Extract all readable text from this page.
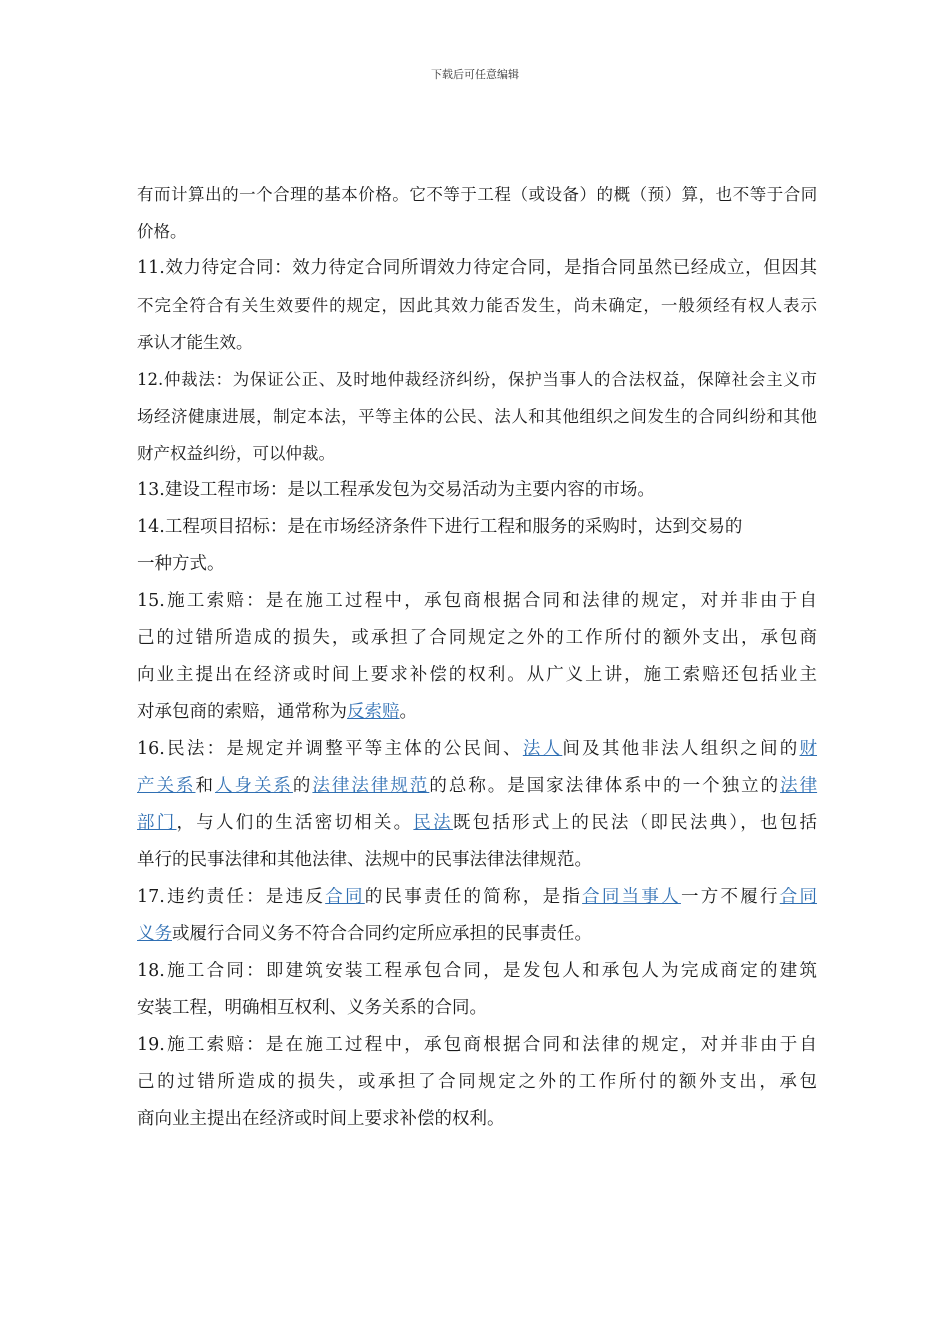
下载后可任意编辑
有而计算出的一个合理的基本价格。它不等于工程（或设备）的概（预）算，也不等于合同
价格。
11.效力待定合同：效力待定合同所谓效力待定合同，是指合同虽然已经成立，但因其
不完全符合有关生效要件的规定，因此其效力能否发生，尚未确定，一般须经有权人表示
承认才能生效。
12.仲裁法：为保证公正、及时地仲裁经济纠纷，保护当事人的合法权益，保障社会主义市
场经济健康进展，制定本法，平等主体的公民、法人和其他组织之间发生的合同纠纷和其他
财产权益纠纷，可以仲裁。
13.建设工程市场：是以工程承发包为交易活动为主要内容的市场。
14.工程项目招标：是在市场经济条件下进行工程和服务的采购时，达到交易的
一种方式。
15.施工索赔：是在施工过程中，承包商根据合同和法律的规定，对并非由于自
己的过错所造成的损失，或承担了合同规定之外的工作所付的额外支出，承包商
向业主提出在经济或时间上要求补偿的权利。从广义上讲，施工索赔还包括业主
对承包商的索赔，通常称为反索赔。
16.民法：是规定并调整平等主体的公民间、法人间及其他非法人组织之间的财
产关系和人身关系的法律法律规范的总称。是国家法律体系中的一个独立的法律
部门，与人们的生活密切相关。民法既包括形式上的民法（即民法典），也包括
单行的民事法律和其他法律、法规中的民事法律法律规范。
17.违约责任：是违反合同的民事责任的简称，是指合同当事人一方不履行合同
义务或履行合同义务不符合合同约定所应承担的民事责任。
18.施工合同：即建筑安装工程承包合同，是发包人和承包人为完成商定的建筑
安装工程，明确相互权利、义务关系的合同。
19.施工索赔：是在施工过程中，承包商根据合同和法律的规定，对并非由于自
己的过错所造成的损失，或承担了合同规定之外的工作所付的额外支出，承包
商向业主提出在经济或时间上要求补偿的权利。
